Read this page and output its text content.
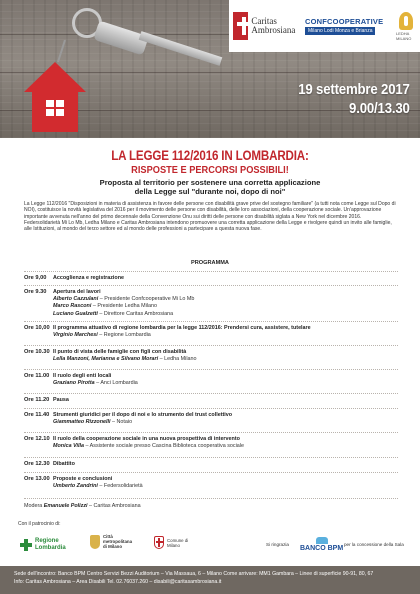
Caritas Ambrosiana
CONFCOOPERATIVE
Milano Lodi Monza e Brianza	LEDHA MILANO
19 settembre 2017
9.00/13.30
LA LEGGE 112/2016 IN LOMBARDIA:
RISPOSTE E PERCORSI POSSIBILI!
Proposta al territorio per sostenere una corretta applicazione
della Legge sul "durante noi, dopo di noi"

La Legge 112/2016 "Disposizioni in materia di assistenza in favore delle persone con disabilità grave prive del sostegno familiare" (a tutti nota come Legge sul Dopo di NOI), costituisce la novità legislativa del 2016 per il movimento delle persone con disabilità, delle loro associazioni, della cooperazione sociale. Un'approvazione importante avvenuta nell'anno del primo decennale della Convenzione Onu sui diritti delle persone con disabilità siglata a New York nel dicembre 2016.

Federsolidarietà Mi Lo Mb, Ledha Milano e Caritas Ambrosiana intendono promuovere una corretta applicazione della Legge e rivolgere quindi un invito alle famiglie, alle Istituzioni, al mondo del terzo settore ed al mondo delle professioni a partecipare a questa nuova fase.

PROGRAMMA
Ore 9,00	Accoglienza e registrazione
Ore 9.30	Apertura dei lavori
Alberto Cazzulani – Presidente Confcooperative Mi Lo Mb
Marco Rasconi – Presidente Ledha Milano
Luciano Gualzetti – Direttore Caritas Ambrosiana
Ore 10,00 Il programma attuativo di regione lombardia per la legge 112/2016: Prendersi cura, assistere, tutelare
Virginio Marchesi – Regione Lombardia
Ore 10.30 Il punto di vista delle famiglie con figli con disabilità
Lella Manzoni, Marianna e Silvano Morari – Ledha Milano
Ore 11.00 Il ruolo degli enti locali
Graziano Pirotta – Anci Lombardia
Ore 11.20 Pausa
Ore 11.40 Strumenti giuridici per il dopo di noi e lo strumento del trust collettivo
Giammatteo Rizzonelli – Notaio
Ore 12.10 Il ruolo della cooperazione sociale in una nuova prospettiva di intervento
Monica Villa – Assistente sociale presso Cascina Biblioteca cooperativa sociale
Ore 12.30 Dibattito
Ore 13.00 Proposte e conclusioni
Umberto Zandrini – Federsolidarietà
Modera Emanuele Polizzi – Caritas Ambrosiana
Con il patrocinio di:
Regione
Lombardia
Città
metropolitana
di Milano
Comune di
Milano	Si ringrazia
BANCO BPM
per la concessione della Sala
Sede dell'incontro: Banco BPM Centro Servizi Bezzi Auditorium – Via Massaua, 6 – Milano Come arrivare: MM1 Gambara – Linee di superficie 90-91, 80, 67
Info: Caritas Ambrosiana – Area Disabili Tel. 02.76037.260 – disabili@caritasambrosiana.it
